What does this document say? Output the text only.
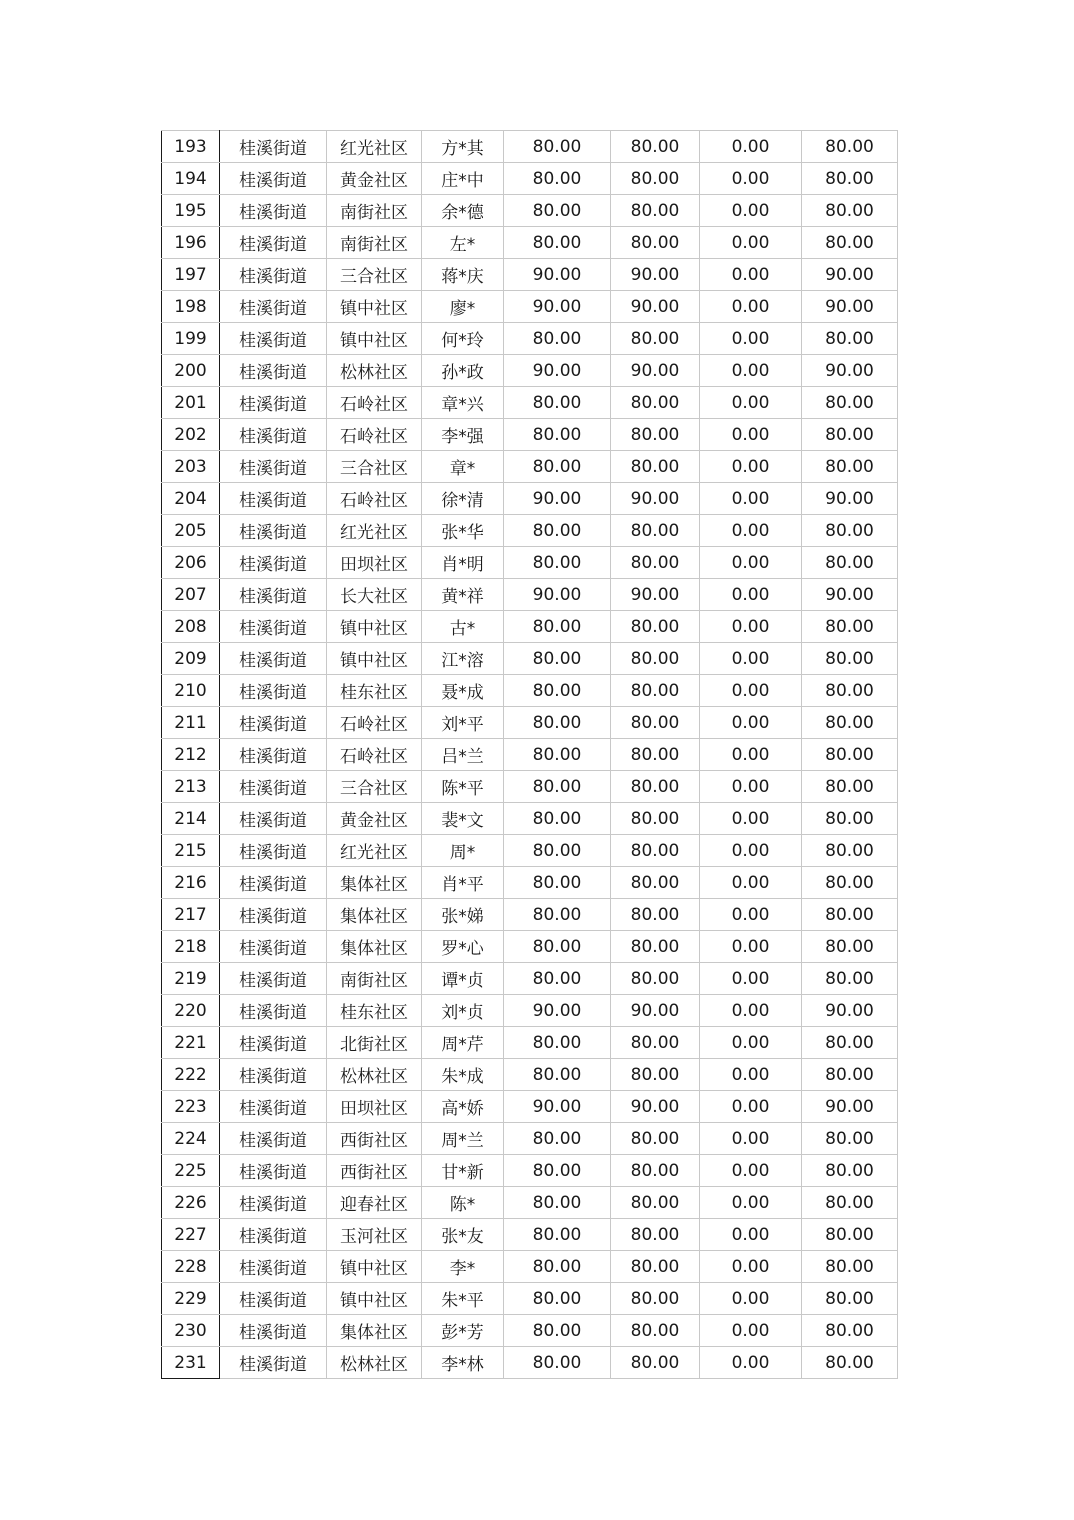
193	桂溪街道	红光社区	方*其	80.00	80.00	0.00	80.00
194	桂溪街道	黄金社区	庄*中	80.00	80.00	0.00	80.00
195	桂溪街道	南街社区	余*德	80.00	80.00	0.00	80.00
196	桂溪街道	南街社区	左*	80.00	80.00	0.00	80.00
197	桂溪街道	三合社区	蒋*庆	90.00	90.00	0.00	90.00
198	桂溪街道	镇中社区	廖*	90.00	90.00	0.00	90.00
199	桂溪街道	镇中社区	何*玲	80.00	80.00	0.00	80.00
200	桂溪街道	松林社区	孙*政	90.00	90.00	0.00	90.00
201	桂溪街道	石岭社区	章*兴	80.00	80.00	0.00	80.00
202	桂溪街道	石岭社区	李*强	80.00	80.00	0.00	80.00
203	桂溪街道	三合社区	章*	80.00	80.00	0.00	80.00
204	桂溪街道	石岭社区	徐*清	90.00	90.00	0.00	90.00
205	桂溪街道	红光社区	张*华	80.00	80.00	0.00	80.00
206	桂溪街道	田坝社区	肖*明	80.00	80.00	0.00	80.00
207	桂溪街道	长大社区	黄*祥	90.00	90.00	0.00	90.00
208	桂溪街道	镇中社区	古*	80.00	80.00	0.00	80.00
209	桂溪街道	镇中社区	江*溶	80.00	80.00	0.00	80.00
210	桂溪街道	桂东社区	聂*成	80.00	80.00	0.00	80.00
211	桂溪街道	石岭社区	刘*平	80.00	80.00	0.00	80.00
212	桂溪街道	石岭社区	吕*兰	80.00	80.00	0.00	80.00
213	桂溪街道	三合社区	陈*平	80.00	80.00	0.00	80.00
214	桂溪街道	黄金社区	裴*文	80.00	80.00	0.00	80.00
215	桂溪街道	红光社区	周*	80.00	80.00	0.00	80.00
216	桂溪街道	集体社区	肖*平	80.00	80.00	0.00	80.00
217	桂溪街道	集体社区	张*娣	80.00	80.00	0.00	80.00
218	桂溪街道	集体社区	罗*心	80.00	80.00	0.00	80.00
219	桂溪街道	南街社区	谭*贞	80.00	80.00	0.00	80.00
220	桂溪街道	桂东社区	刘*贞	90.00	90.00	0.00	90.00
221	桂溪街道	北街社区	周*芹	80.00	80.00	0.00	80.00
222	桂溪街道	松林社区	朱*成	80.00	80.00	0.00	80.00
223	桂溪街道	田坝社区	高*娇	90.00	90.00	0.00	90.00
224	桂溪街道	西街社区	周*兰	80.00	80.00	0.00	80.00
225	桂溪街道	西街社区	甘*新	80.00	80.00	0.00	80.00
226	桂溪街道	迎春社区	陈*	80.00	80.00	0.00	80.00
227	桂溪街道	玉河社区	张*友	80.00	80.00	0.00	80.00
228	桂溪街道	镇中社区	李*	80.00	80.00	0.00	80.00
229	桂溪街道	镇中社区	朱*平	80.00	80.00	0.00	80.00
230	桂溪街道	集体社区	彭*芳	80.00	80.00	0.00	80.00
231	桂溪街道	松林社区	李*林	80.00	80.00	0.00	80.00
